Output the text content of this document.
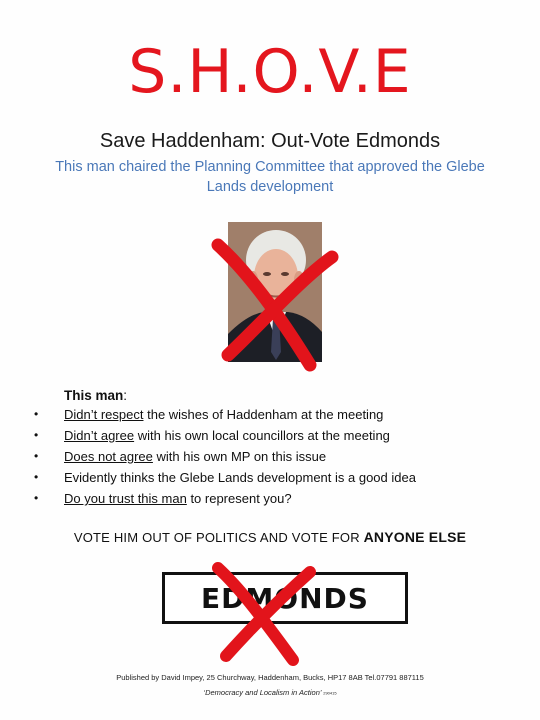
S.H.O.V.E
Save Haddenham: Out-Vote Edmonds
This man chaired the Planning Committee that approved the Glebe Lands development
This man:
• Didn’t respect the wishes of Haddenham at the meeting
• Didn’t agree with his own local councillors at the meeting
• Does not agree with his own MP on this issue
• Evidently thinks the Glebe Lands development is a good idea
• Do you trust this man to represent you?
VOTE HIM OUT OF POLITICS AND VOTE FOR ANYONE ELSE
EDMONDS
Published by David Impey, 25 Churchway, Haddenham, Bucks, HP17 8AB Tel.07791 887115
‘Democracy and Localism in Action’ 290415
